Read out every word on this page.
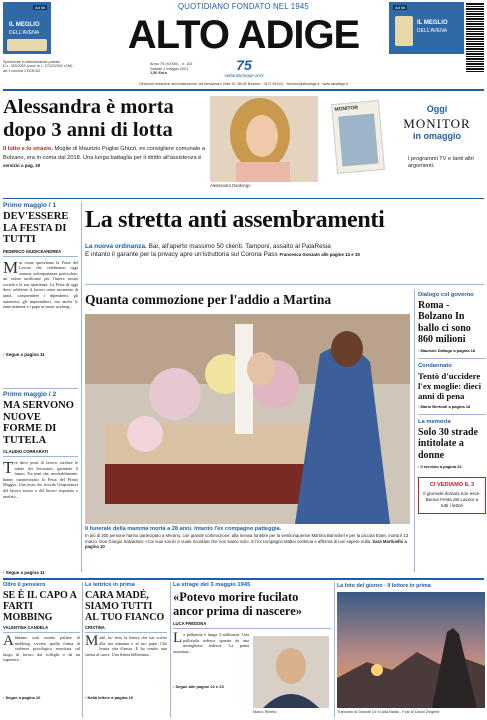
Ad lib
IL MEGLIO
DELL'AVENA
QUOTIDIANO FONDATO NEL 1945
ALTO ADIGE
Ad lib
IL MEGLIO
DELL'AVENA
Spedizione in abbonamento postale
D.L. 353/2003 (conv. in L. 27/02/2004 n°46)
art.1 comma 1 DCB BZ
Anno 75 (XXXIII) - n. 102
Sabato 1 maggio 2021
1,50 Euro	75
settantacinque anni
Direzione redazione amministrazione: via Alessandro Volta 10, 38100 Bolzano · 0471 904111 · bolzano@altoadige.it · www.altoadige.it
Alessandra è morta
dopo 3 anni di lotta
Il lutto e lo strazio. Moglie di Maurizio Puglisi Ghizzi, ex consigliere comunale a Bolzano, era in coma dal 2018. Una lunga battaglia per il diritto all'assistenza Il servizio a pag. 20
Alessandra Dardengo
MONITOR	Oggi
MONITOR
in omaggio
I programmi TV e tanti altri argomenti.
Primo maggio / 1
DEV'ESSERE LA FESTA DI TUTTI
FEDERICO GIUDICEANDREA
M ai come quest'anno la Festa del Lavoro che celebriamo oggi assume un'importanza particolare, un valore unificante per l'intera nostra società e la sua ripartenza. La Festa di oggi deve celebrare il lavoro come momento di unità, comprendere i dipendenti, gli autonomi, gli imprenditori, ma anche le tante mamme e i papà in smart working...
› Segue a pagina 11
Primo maggio / 2
MA SERVONO NUOVE FORME DI TUTELA
CLAUDIO CORRARATI
T re dieci posti di lavoro, tutelare le salute dei lavoratori, garantire il futuro. Tre temi che, inevitabilmente, hanno caratterizzato la Festa del Primo Maggio. Una testa che ricorda l'importanza del lavoro sicuro e del lavoro rispettato e tutelato...
› Segue a pagina 11
La stretta anti assembramenti
La nuova ordinanza. Bar, all'aperto massimo 50 clienti. Tamponi, assalto al PalaResia
E intanto il garante per la privacy apre un'istruttoria sul Corona Pass Francesca Gonzato alle pagine 14 e 15
Quanta commozione per l'addio a Martina
Il funerale della mamma morta a 28 anni. Intanto l'ex compagno patteggia.
In più di 200 persone hanno partecipato a Merano, con grande commozione, alla messa funebre per la venticinquenne Martina Barnickel e per la piccola Ester, morta il 13 marzo. Don Giorgio Salvadora: «Coi suoi sorrisi ci vuole ricordare che non siamo soli». E l'ex compagno Mattei continua e afferma di non sapere nulla. Sara Martinello a pagina 10
Dialogo col governo
Roma - Bolzano In ballo ci sono 860 milioni
› Maurizio Dallago a pagina 18
Condannato
Tentò d'uccidere l'ex moglie: dieci anni di pena
› Mario Bertoldi a pagina 18
La memoria
Solo 30 strade intitolate a donne
› Il servizio a pagina 24
CI VEDIAMO IL 3
Il giornale domani non esce. Buona Festa del Lavoro a tutti i lettori
Oltre il pensiero
SE È IL CAPO A FARTI MOBBING
VALENTINA CANDELA
A bbiamo tutti sentito parlare di mobbing, ovvero quella forma di violenza psicologica esercitata sul luogo di lavoro dai colleghi o da un superiore...
› Segue a pagina 10
Le lettrice in prima
CARA MADÉ, SIAMO TUTTI AL TUO FIANCO
CRISTINA
M adè, ho letto la lettera che hai scritto alla tua mamma e al tuo papà. Che brutta vita d'ansia. E ho sentito una stretta al cuore. Una lettera bellissima...
› Nella lettere a pagina 10
La strage del 3 maggio 1945
«Potevo morire fucilato ancor prima di nascere»
LUCA FREDONA
L a pallottola è lunga 3 millimetri. Una pallottola tedesca sparata da una mitraglietta tedesca. La punta assassina...
› Segue alle pagine 22 e 23
Marco Ribetto
La foto del giorno · Il lettore in prima
Tramonto al Grande Cir in Alta Badia - Foto di David Zingerle
